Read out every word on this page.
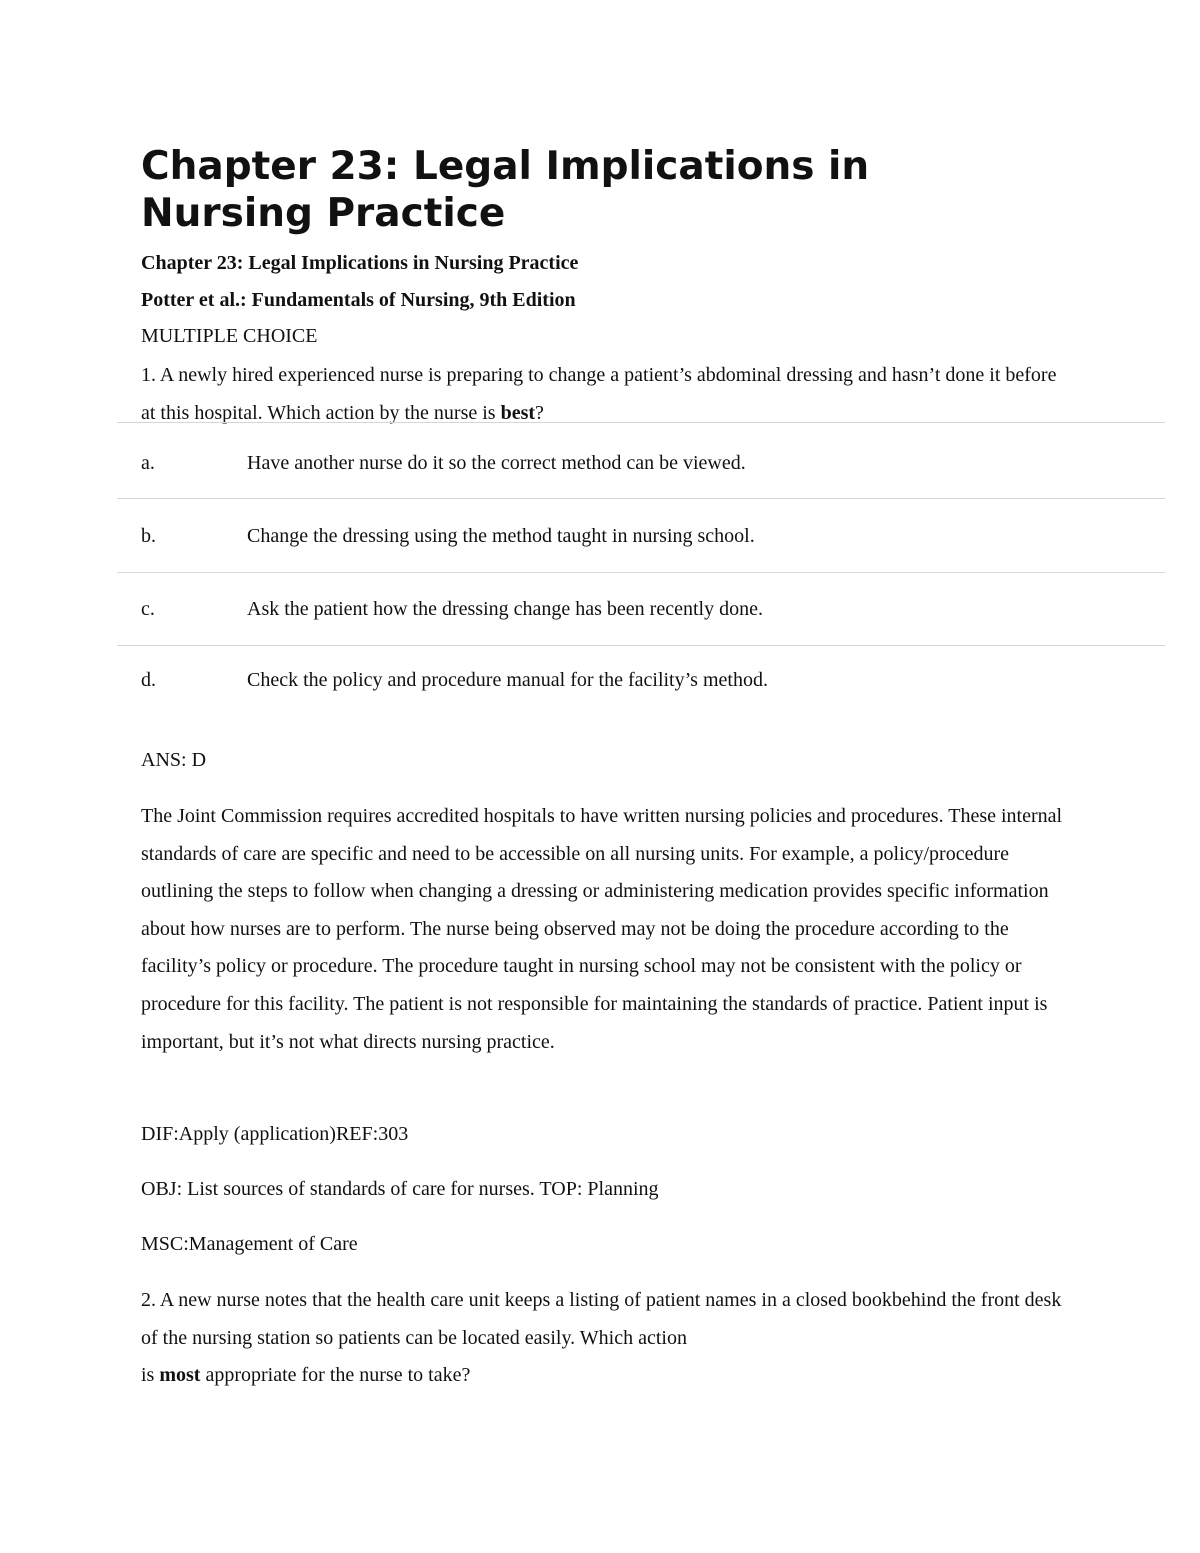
Chapter 23: Legal Implications in Nursing Practice
Chapter 23: Legal Implications in Nursing Practice
Potter et al.: Fundamentals of Nursing, 9th Edition
MULTIPLE CHOICE
1. A newly hired experienced nurse is preparing to change a patient’s abdominal dressing and hasn’t done it before at this hospital. Which action by the nurse is best?
a.	Have another nurse do it so the correct method can be viewed.
b.	Change the dressing using the method taught in nursing school.
c.	Ask the patient how the dressing change has been recently done.
d.	Check the policy and procedure manual for the facility’s method.
ANS: D

The Joint Commission requires accredited hospitals to have written nursing policies and procedures. These internal standards of care are specific and need to be accessible on all nursing units. For example, a policy/procedure outlining the steps to follow when changing a dressing or administering medication provides specific information about how nurses are to perform. The nurse being observed may not be doing the procedure according to the facility’s policy or procedure. The procedure taught in nursing school may not be consistent with the policy or procedure for this facility. The patient is not responsible for maintaining the standards of practice. Patient input is important, but it’s not what directs nursing practice.

DIF:Apply (application)REF:303
OBJ: List sources of standards of care for nurses. TOP: Planning
MSC:Management of Care
2. A new nurse notes that the health care unit keeps a listing of patient names in a closed bookbehind the front desk of the nursing station so patients can be located easily. Which action
is most appropriate for the nurse to take?
